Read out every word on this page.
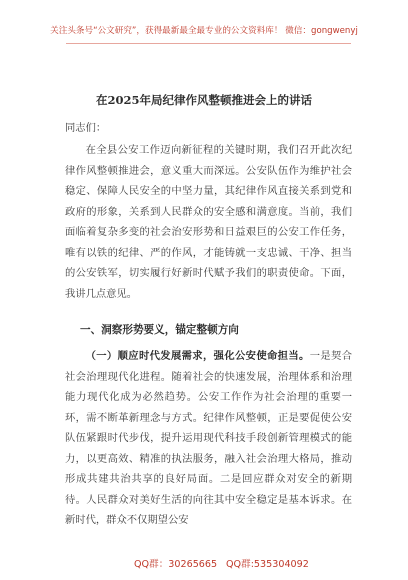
关注头条号“公文研究”，获得最新最全最专业的公文资料库！ 微信：gongwenyj
在2025年局纪律作风整顿推进会上的讲话
同志们：
在全县公安工作迈向新征程的关键时期，我们召开此次纪律作风整顿推进会，意义重大而深远。公安队伍作为维护社会稳定、保障人民安全的中坚力量，其纪律作风直接关系到党和政府的形象，关系到人民群众的安全感和满意度。当前，我们面临着复杂多变的社会治安形势和日益艰巨的公安工作任务，唯有以铁的纪律、严的作风，才能铸就一支忠诚、干净、担当的公安铁军，切实履行好新时代赋予我们的职责使命。下面，我讲几点意见。
一、洞察形势要义，锚定整顿方向
（一）顺应时代发展需求，强化公安使命担当。一是契合社会治理现代化进程。随着社会的快速发展，治理体系和治理能力现代化成为必然趋势。公安工作作为社会治理的重要一环，需不断革新理念与方式。纪律作风整顿，正是要促使公安队伍紧跟时代步伐，提升运用现代科技手段创新管理模式的能力，以更高效、精准的执法服务，融入社会治理大格局，推动形成共建共治共享的良好局面。二是回应群众对安全的新期待。人民群众对美好生活的向往其中安全稳定是基本诉求。在新时代，群众不仅期望公安
QQ群：30265665 QQ群:535304092
